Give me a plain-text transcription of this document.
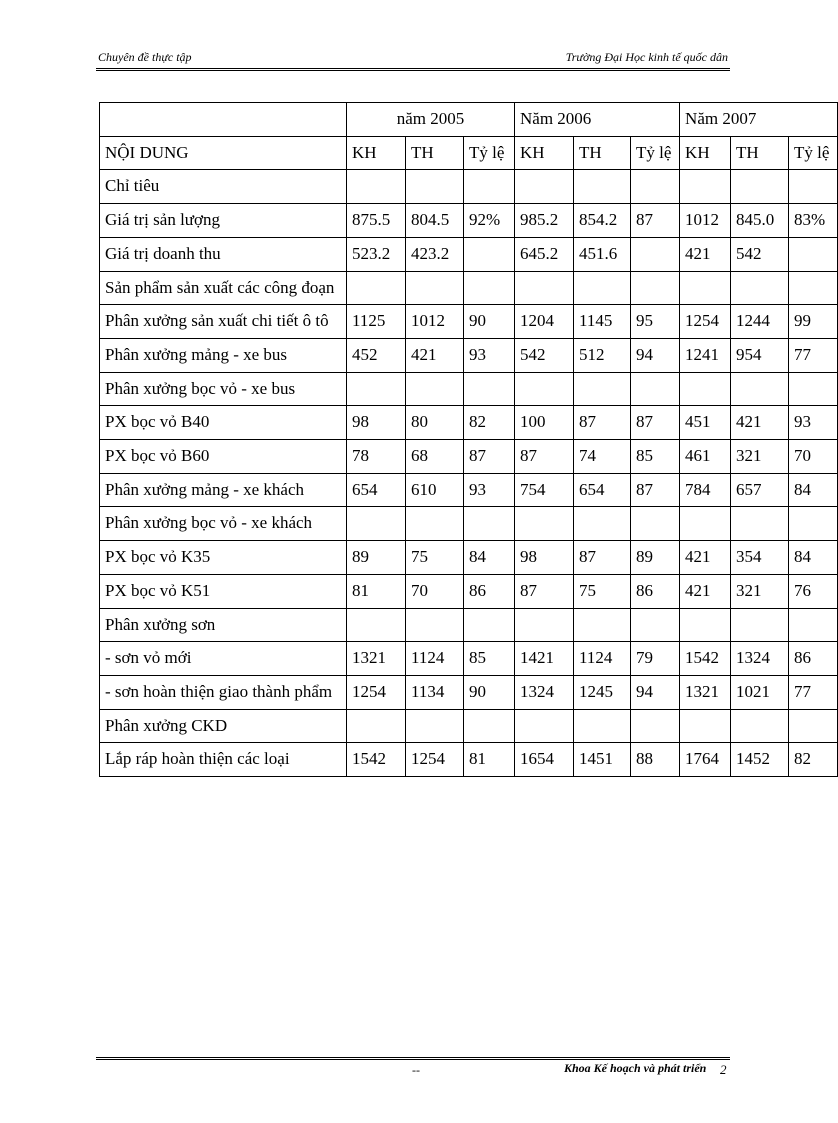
Chuyên đề thực tập	Trường Đại Học kinh tế quốc dân
	năm 2005			Năm 2006			Năm 2007		
NỘI DUNG	KH	TH	Tỷ lệ	KH	TH	Tỷ lệ	KH	TH	Tỷ lệ
Chỉ tiêu									
Giá trị sản lượng	875.5	804.5	92%	985.2	854.2	87	1012	845.0	83%
Giá trị doanh thu	523.2	423.2		645.2	451.6		421	542	
Sản phẩm sản xuất các công đoạn									
Phân xưởng sản xuất chi tiết ô tô	1125	1012	90	1204	1145	95	1254	1244	99
Phân xưởng mảng - xe bus	452	421	93	542	512	94	1241	954	77
Phân xưởng bọc vỏ - xe bus									
PX bọc vỏ B40	98	80	82	100	87	87	451	421	93
PX bọc vỏ B60	78	68	87	87	74	85	461	321	70
Phân xưởng mảng - xe khách	654	610	93	754	654	87	784	657	84
Phân xưởng bọc vỏ - xe khách									
PX bọc vỏ K35	89	75	84	98	87	89	421	354	84
PX bọc vỏ K51	81	70	86	87	75	86	421	321	76
Phân xưởng sơn									
- sơn vỏ mới	1321	1124	85	1421	1124	79	1542	1324	86
- sơn hoàn thiện giao thành phẩm	1254	1134	90	1324	1245	94	1321	1021	77
Phân xưởng CKD									
Lắp ráp hoàn thiện các loại	1542	1254	81	1654	1451	88	1764	1452	82
--	Khoa Kế hoạch và phát triển 2
